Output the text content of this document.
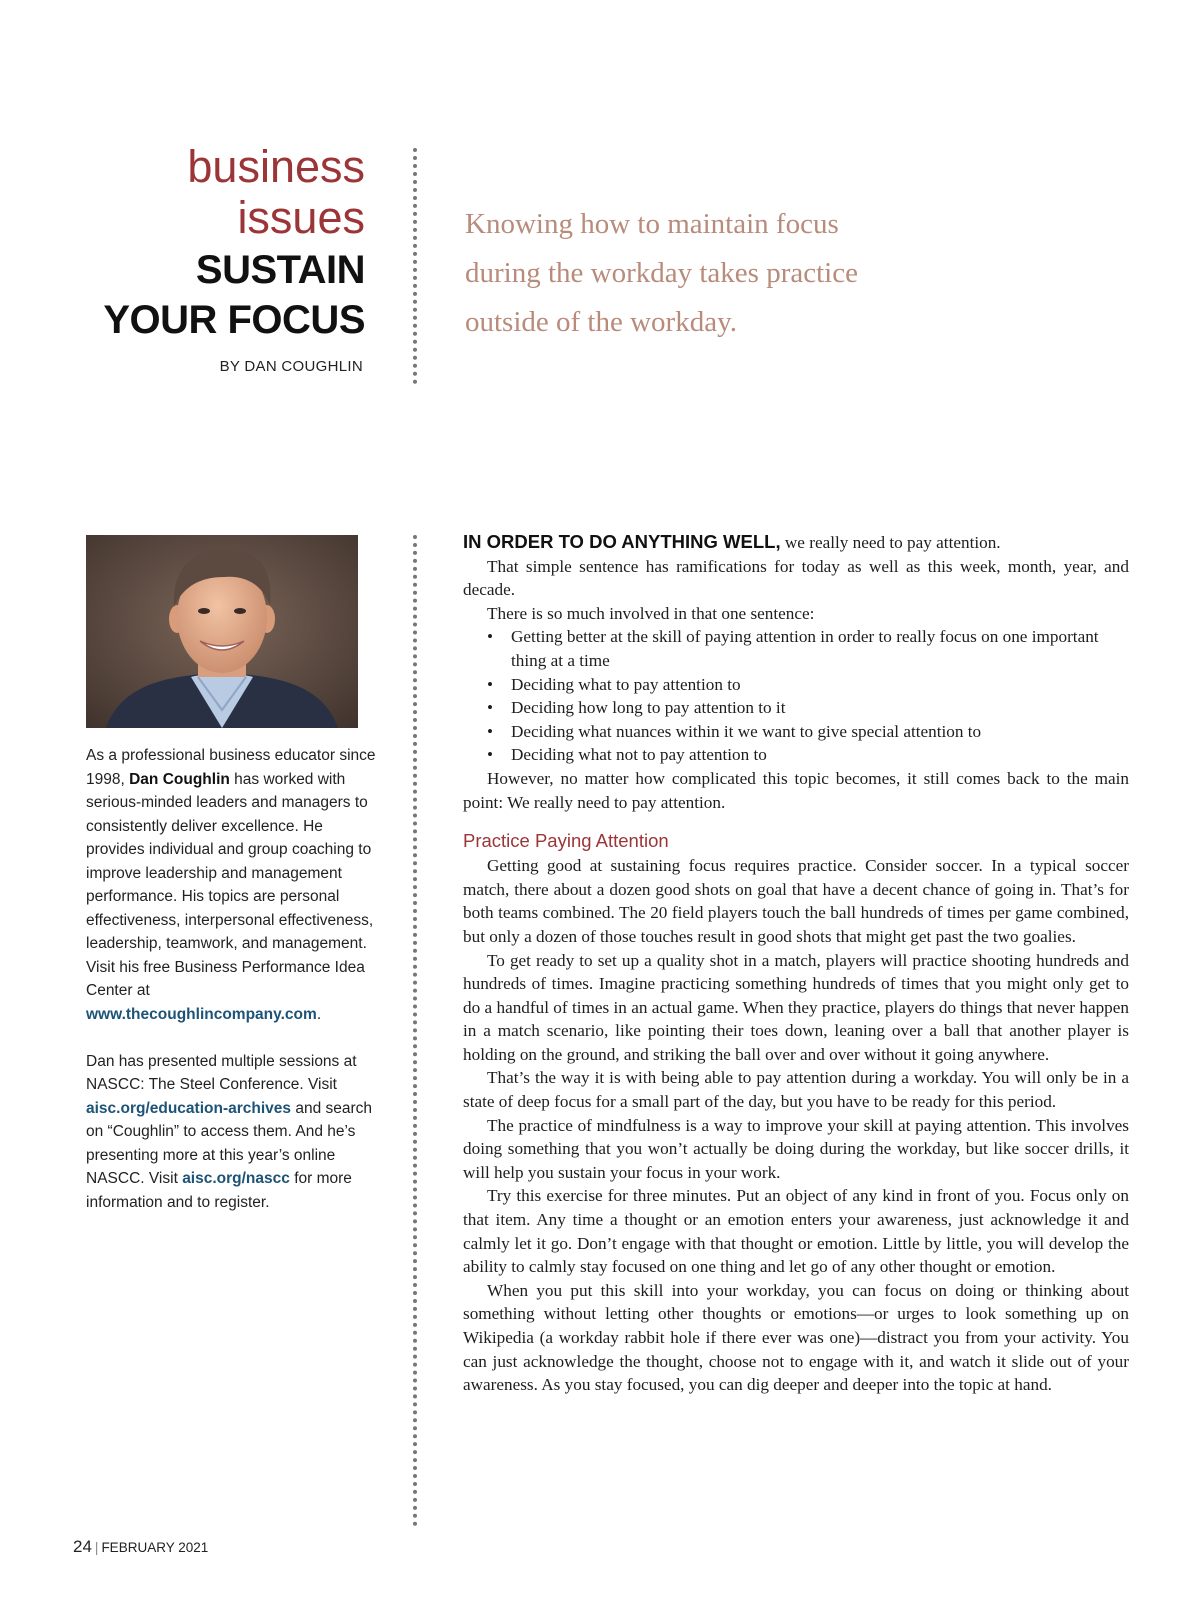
business
issues
SUSTAIN
YOUR FOCUS
BY DAN COUGHLIN
Knowing how to maintain focus
during the workday takes practice
outside of the workday.

As a professional business educator since 1998, Dan Coughlin has worked with serious-minded leaders and managers to consistently deliver excellence. He provides individual and group coaching to improve leadership and management performance. His topics are personal effectiveness, interpersonal effectiveness, leadership, teamwork, and management. Visit his free Business Performance Idea Center at www.thecoughlincompany.com.

Dan has presented multiple sessions at NASCC: The Steel Conference. Visit aisc.org/education-archives and search on “Coughlin” to access them. And he’s presenting more at this year’s online NASCC. Visit aisc.org/nascc for more information and to register.

IN ORDER TO DO ANYTHING WELL, we really need to pay attention.

That simple sentence has ramifications for today as well as this week, month, year, and decade.

There is so much involved in that one sentence:

• Getting better at the skill of paying attention in order to really focus on one important thing at a time
• Deciding what to pay attention to
• Deciding how long to pay attention to it
• Deciding what nuances within it we want to give special attention to
• Deciding what not to pay attention to

However, no matter how complicated this topic becomes, it still comes back to the main point: We really need to pay attention.

Practice Paying Attention

Getting good at sustaining focus requires practice. Consider soccer. In a typical soccer match, there about a dozen good shots on goal that have a decent chance of going in. That’s for both teams combined. The 20 field players touch the ball hundreds of times per game combined, but only a dozen of those touches result in good shots that might get past the two goalies.

To get ready to set up a quality shot in a match, players will practice shooting hundreds and hundreds of times. Imagine practicing something hundreds of times that you might only get to do a handful of times in an actual game. When they practice, players do things that never happen in a match scenario, like pointing their toes down, leaning over a ball that another player is holding on the ground, and striking the ball over and over without it going anywhere.

That’s the way it is with being able to pay attention during a workday. You will only be in a state of deep focus for a small part of the day, but you have to be ready for this period.

The practice of mindfulness is a way to improve your skill at paying attention. This involves doing something that you won’t actually be doing during the workday, but like soccer drills, it will help you sustain your focus in your work.

Try this exercise for three minutes. Put an object of any kind in front of you. Focus only on that item. Any time a thought or an emotion enters your awareness, just acknowledge it and calmly let it go. Don’t engage with that thought or emotion. Little by little, you will develop the ability to calmly stay focused on one thing and let go of any other thought or emotion.

When you put this skill into your workday, you can focus on doing or thinking about something without letting other thoughts or emotions—or urges to look something up on Wikipedia (a workday rabbit hole if there ever was one)—distract you from your activity. You can just acknowledge the thought, choose not to engage with it, and watch it slide out of your awareness. As you stay focused, you can dig deeper and deeper into the topic at hand.

24 | FEBRUARY 2021
